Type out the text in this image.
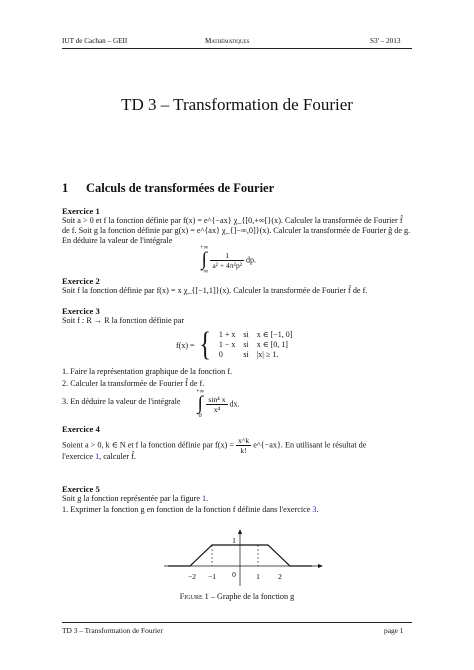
IUT de Cachan – GEII	Mathématiques	S3' – 2013
TD 3 – Transformation de Fourier
1 Calculs de transformées de Fourier
Exercice 1
Soit a > 0 et f la fonction définie par f(x) = e^{−ax} χ_{[0,+∞[}(x). Calculer la transformée de Fourier f̂
de f. Soit g la fonction définie par g(x) = e^{ax} χ_{]−∞,0]}(x). Calculer la transformée de Fourier ĝ de g.
En déduire la valeur de l'intégrale
+∞
∫
−∞

$\frac{1}{\text{a² + 4π²p²}}$ dp.
Exercice 2
Soit f la fonction définie par f(x) = x χ_{[−1,1]}(x). Calculer la transformée de Fourier f̂ de f.
Exercice 3
Soit f : R → R la fonction définie par
f(x) = { 1 + x	si	x ∈ [−1, 0]
1 − x	si	x ∈ [0, 1]
0	si	|x| ≥ 1.
1. Faire la représentation graphique de la fonction f.
2. Calculer la transformée de Fourier f̂ de f.
3. En déduire la valeur de l'intégrale
+∞
∫
0

$\frac{\text{sin⁴ x}}{\text{x⁴}}$ dx.
Exercice 4
Soient a > 0, k ∈ N et f la fonction définie par $f(x) = \frac{x\^{}k}{k!}$ e^{−ax}. En utilisant le résultat de
l'exercice 1, calculer f̂.
Exercice 5
Soit g la fonction représentée par la figure 1.
1. Exprimer la fonction g en fonction de la fonction f définie dans l'exercice 3.
−2 −1 0	1 2
1
Figure 1 – Graphe de la fonction g
TD 3 – Transformation de Fourier	page 1
